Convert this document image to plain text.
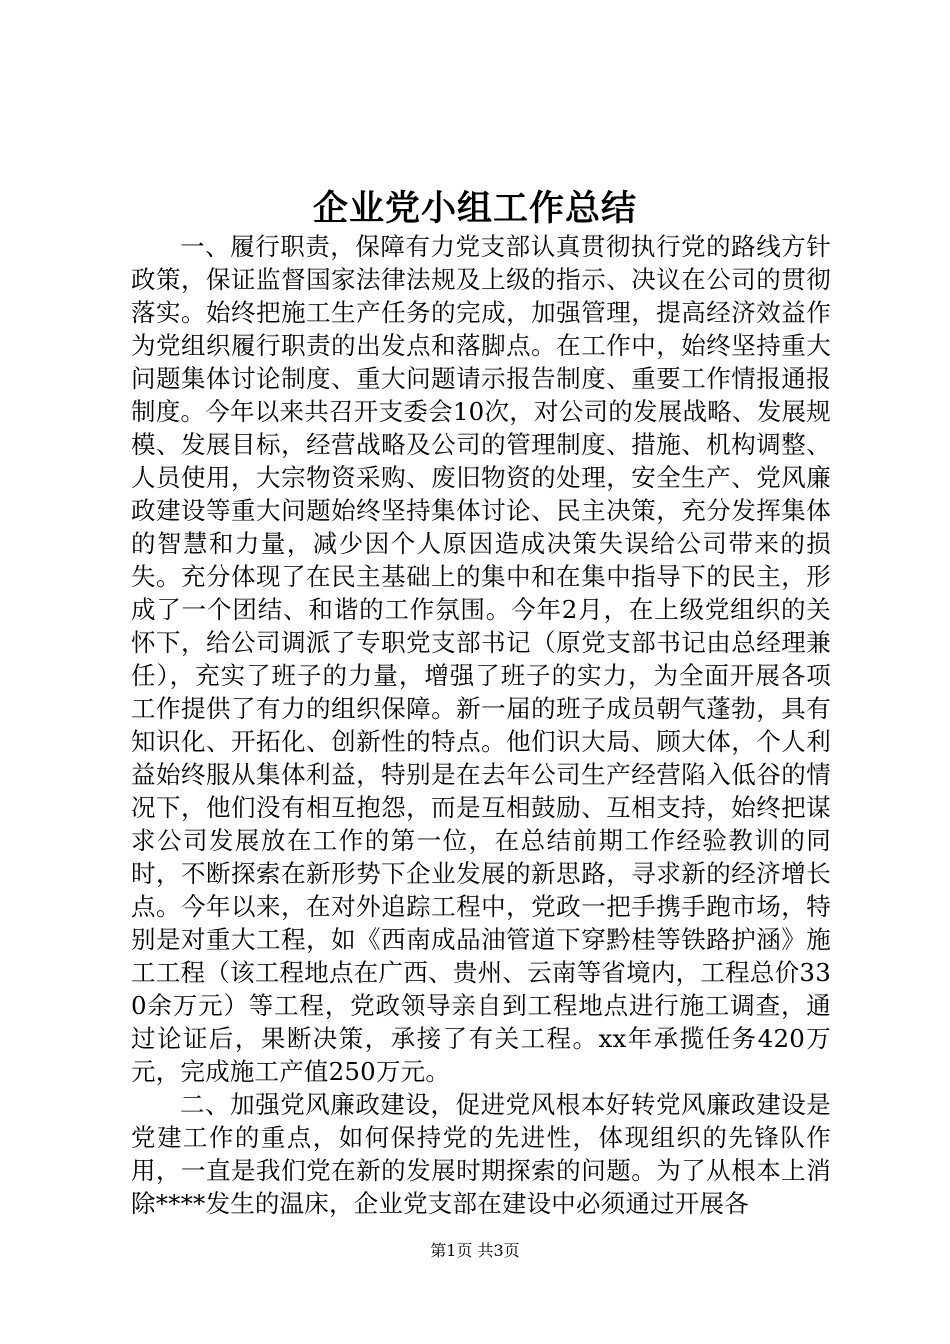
企业党小组工作总结

一、履行职责，保障有力党支部认真贯彻执行党的路线方针政策，保证监督国家法律法规及上级的指示、决议在公司的贯彻落实。始终把施工生产任务的完成，加强管理，提高经济效益作为党组织履行职责的出发点和落脚点。在工作中，始终坚持重大问题集体讨论制度、重大问题请示报告制度、重要工作情报通报制度。今年以来共召开支委会10次，对公司的发展战略、发展规模、发展目标，经营战略及公司的管理制度、措施、机构调整、人员使用，大宗物资采购、废旧物资的处理，安全生产、党风廉政建设等重大问题始终坚持集体讨论、民主决策，充分发挥集体的智慧和力量，减少因个人原因造成决策失误给公司带来的损失。充分体现了在民主基础上的集中和在集中指导下的民主，形成了一个团结、和谐的工作氛围。今年2月，在上级党组织的关怀下，给公司调派了专职党支部书记（原党支部书记由总经理兼任），充实了班子的力量，增强了班子的实力，为全面开展各项工作提供了有力的组织保障。新一届的班子成员朝气蓬勃，具有知识化、开拓化、创新性的特点。他们识大局、顾大体，个人利益始终服从集体利益，特别是在去年公司生产经营陷入低谷的情况下，他们没有相互抱怨，而是互相鼓励、互相支持，始终把谋求公司发展放在工作的第一位，在总结前期工作经验教训的同时，不断探索在新形势下企业发展的新思路，寻求新的经济增长点。今年以来，在对外追踪工程中，党政一把手携手跑市场，特别是对重大工程，如《西南成品油管道下穿黔桂等铁路护涵》施工工程（该工程地点在广西、贵州、云南等省境内，工程总价330余万元）等工程，党政领导亲自到工程地点进行施工调查，通过论证后，果断决策，承接了有关工程。xx年承揽任务420万元，完成施工产值250万元。

二、加强党风廉政建设，促进党风根本好转党风廉政建设是党建工作的重点，如何保持党的先进性，体现组织的先锋队作用，一直是我们党在新的发展时期探索的问题。为了从根本上消除****发生的温床，企业党支部在建设中必须通过开展各

第1页 共3页
